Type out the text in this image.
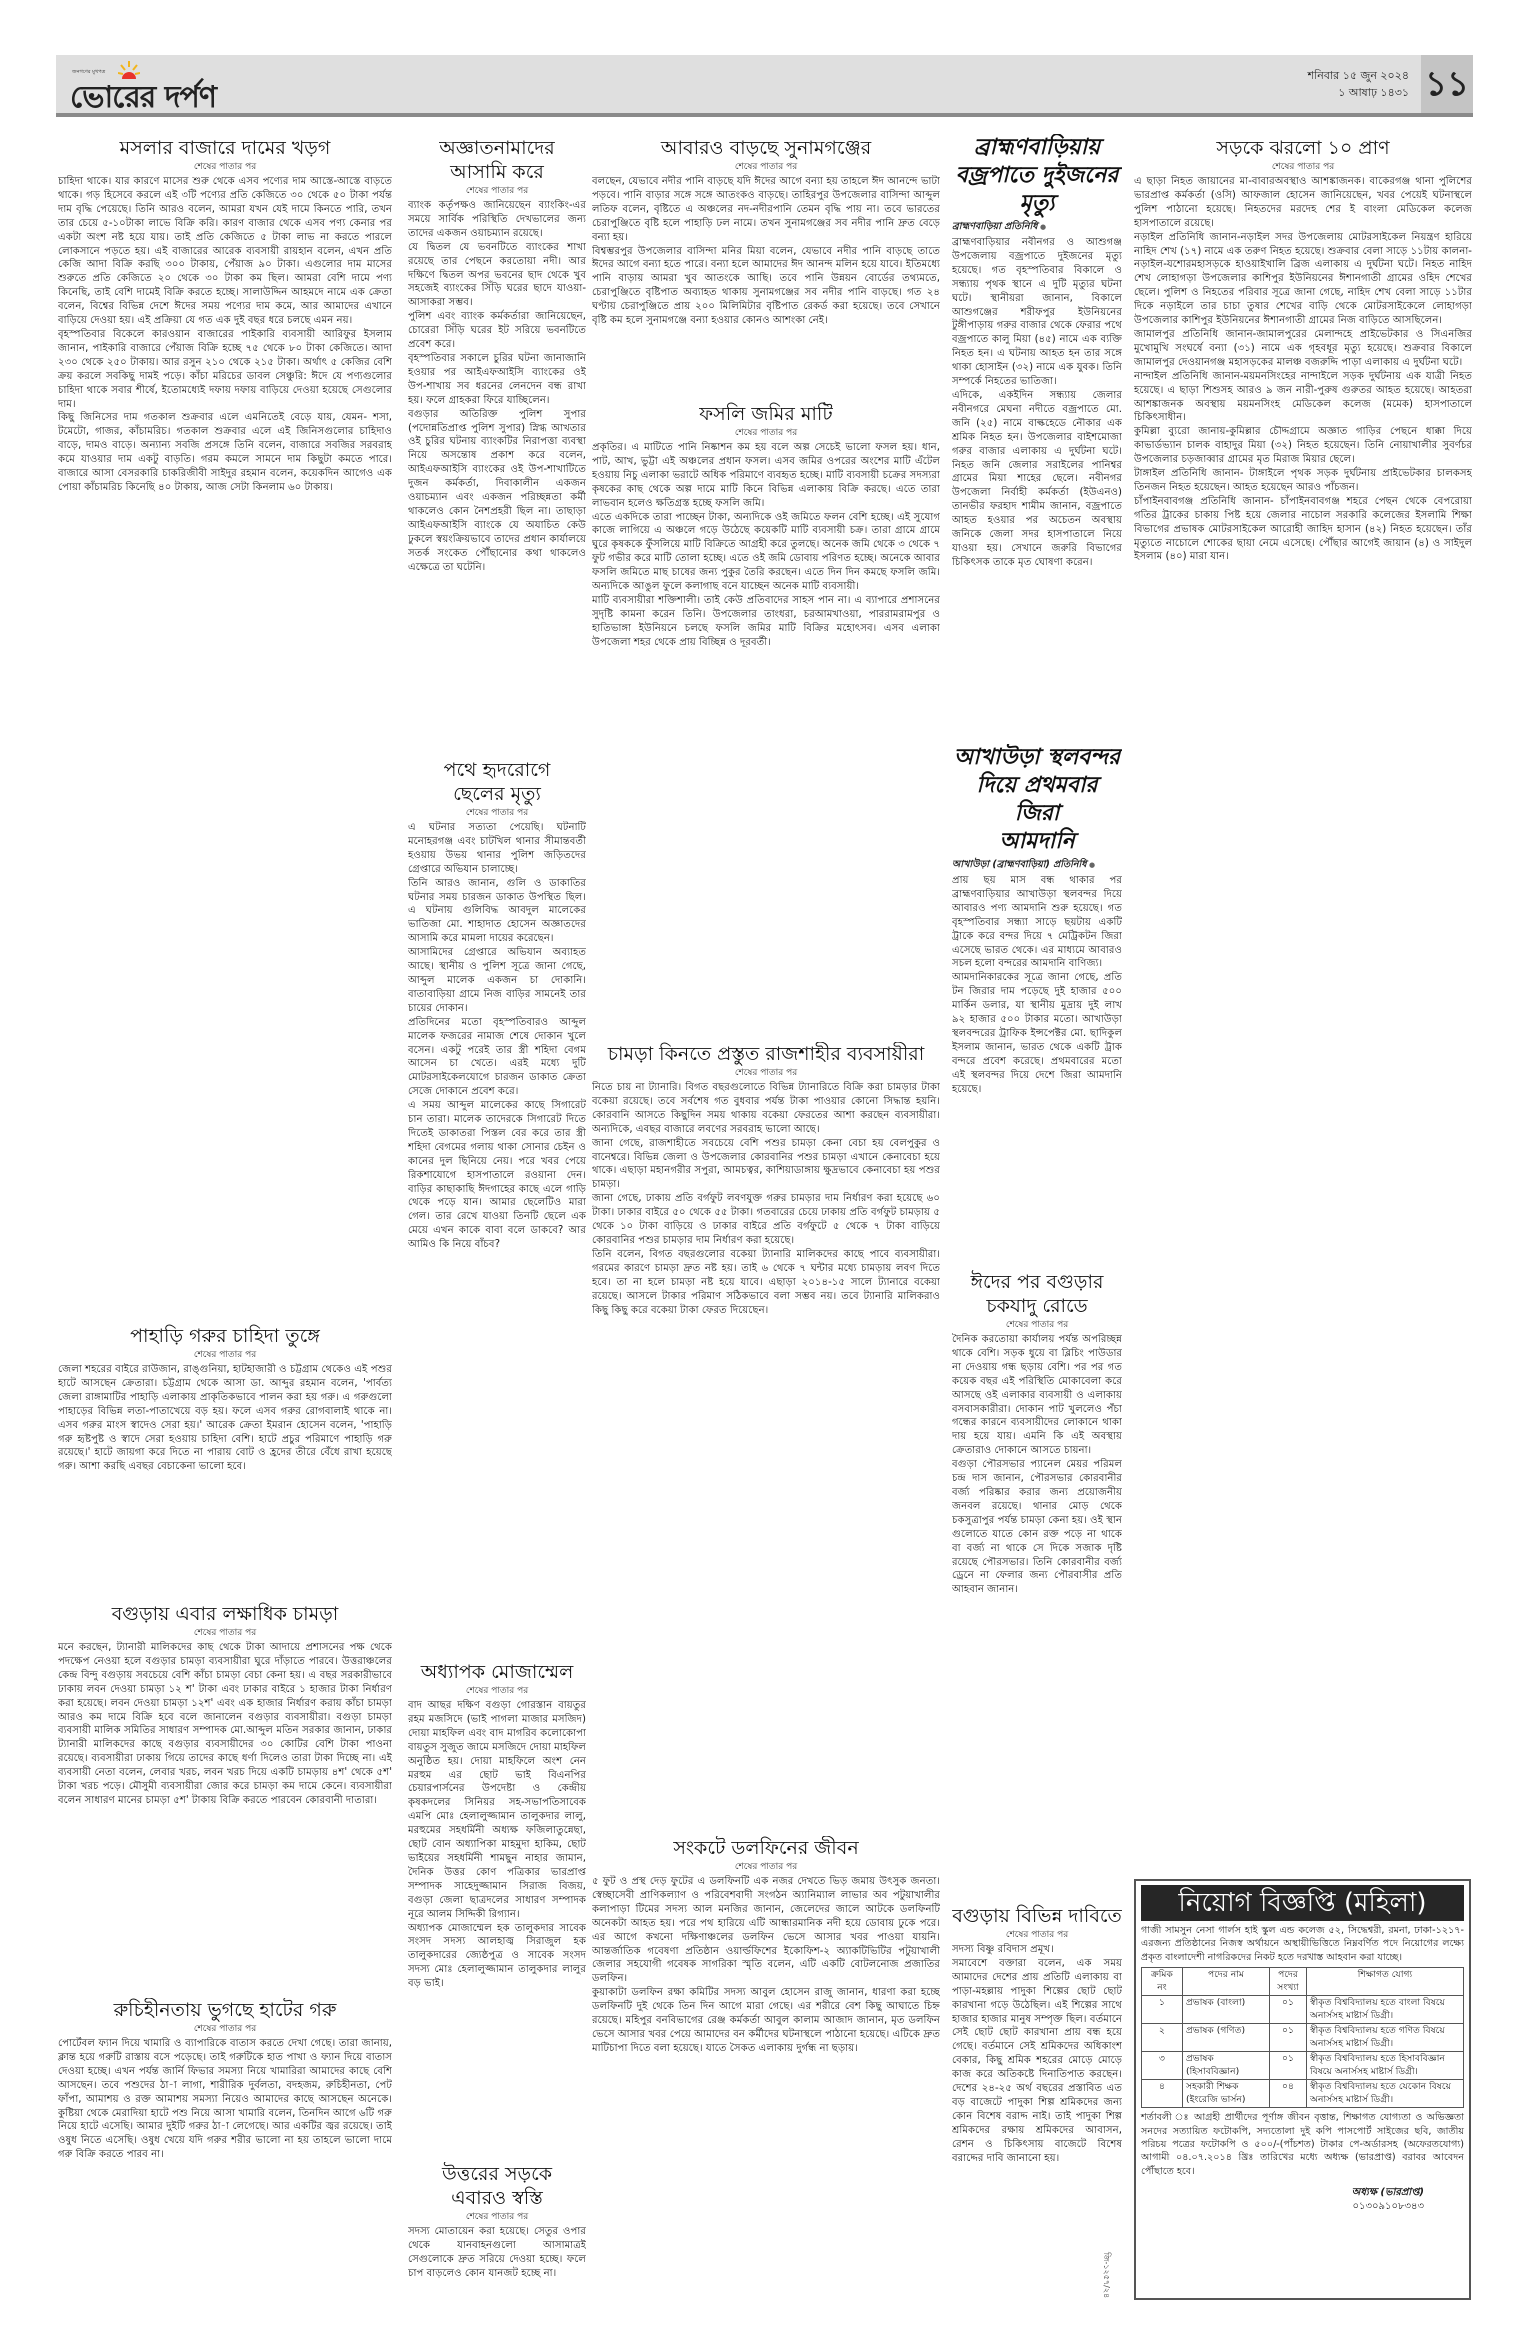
জনগণের মুখপত্র
ভোরের দর্পণ
শনিবার ১৫ জুন ২০২৪
১ আষাঢ় ১৪৩১ ১১
মসলার বাজারে দামের খড়গ
শেষের পাতার পর

চাহিদা থাকে। যার কারণে মাসের শুরু থেকে এসব পণ্যের দাম আস্তে-আস্তে বাড়তে থাকে। গড় হিসেবে করলে এই ৩টি পণ্যের প্রতি কেজিতে ৩০ থেকে ৫০ টাকা পর্যন্ত দাম বৃদ্ধি পেয়েছে। তিনি আরও বলেন, আমরা যখন যেই দামে কিনতে পারি, তখন তার চেয়ে ৫-১০টাকা লাভে বিক্রি করি। কারণ বাজার থেকে এসব পণ্য কেনার পর একটা অংশ নষ্ট হয়ে যায়। তাই প্রতি কেজিতে ৫ টাকা লাভ না করতে পারলে লোকসানে পড়তে হয়। এই বাজারের আরেক ব্যবসায়ী রায়হান বলেন, এখন প্রতি কেজি আদা বিক্রি করছি ৩০০ টাকায়, পেঁয়াজ ৯০ টাকা। এগুলোর দাম মাসের শুরুতে প্রতি কেজিতে ২০ থেকে ৩০ টাকা কম ছিল। আমরা বেশি দামে পণ্য কিনেছি, তাই বেশি দামেই বিক্রি করতে হচ্ছে। সালাউদ্দিন আহমদে নামে এক ক্রেতা বলেন, বিশ্বের বিভিন্ন দেশে ঈদের সময় পণ্যের দাম কমে, আর আমাদের এখানে বাড়িয়ে দেওয়া হয়। এই প্রক্রিয়া যে গত এক দুই বছর ধরে চলছে এমন নয়।

বৃহস্পতিবার বিকেলে কারওয়ান বাজারের পাইকারি ব্যবসায়ী আরিফুর ইসলাম জানান, পাইকারি বাজারে পেঁয়াজ বিক্রি হচ্ছে ৭৫ থেকে ৮০ টাকা কেজিতে। আদা ২৩০ থেকে ২৫০ টাকায়। আর রসুন ২১০ থেকে ২১৫ টাকা। অর্থাৎ ৫ কেজির বেশি ক্রয় করলে সবকিছু দামই পড়ে। কাঁচা মরিচের ডাবল সেঞ্চুরি: ঈদে যে পণ্যগুলোর চাহিদা থাকে সবার শীর্ষে, ইতোমধ্যেই দফায় দফায় বাড়িয়ে দেওয়া হয়েছে সেগুলোর দাম।

কিছু জিনিসের দাম গতকাল শুক্রবার এলে এমনিতেই বেড়ে যায়, যেমন- শসা, টমেটো, গাজর, কাঁচামরিচ। গতকাল শুক্রবার এলে এই জিনিসগুলোর চাহিদাও বাড়ে, দামও বাড়ে। অন্যান্য সবজি প্রসঙ্গে তিনি বলেন, বাজারে সবজির সরবরাহ কমে যাওয়ার দাম একটু বাড়তি। গরম কমলে সামনে দাম কিছুটা কমতে পারে। বাজারে আসা বেসরকারি চাকরিজীবী সাইদুর রহমান বলেন, কয়েকদিন আগেও এক পোয়া কাঁচামরিচ কিনেছি ৪০ টাকায়, আজ সেটা কিনলাম ৬০ টাকায়।

পাহাড়ি গরুর চাহিদা তুঙ্গে
শেষের পাতার পর

জেলা শহরের বাইরে রাউজান, রাঙ্গুনিয়া, হাটহাজারী ও চট্টগ্রাম থেকেও এই পশুর হাটে আসছেন ক্রেতারা। চট্টগ্রাম থেকে আসা ডা. আব্দুর রহমান বলেন, 'পার্বত্য জেলা রাঙ্গামাটির পাহাড়ি এলাকায় প্রাকৃতিকভাবে পালন করা হয় গরু। এ গরুগুলো পাহাড়ের বিভিন্ন লতা-পাতাখেয়ে বড় হয়। ফলে এসব গরুর রোগবালাই থাকে না। এসব গরুর মাংস স্বাদেও সেরা হয়।' আরেক ক্রেতা ইমরান হোসেন বলেন, 'পাহাড়ি গরু হৃষ্টপুষ্ট ও স্বাদে সেরা হওয়ায় চাহিদা বেশি। হাটে প্রচুর পরিমাণে পাহাড়ি গরু রয়েছে।' হাটে জায়গা করে দিতে না পারায় বোট ও হ্রদের তীরে বেঁধে রাখা হয়েছে গরু। আশা করছি এবছর বেচাকেনা ভালো হবে।

বগুড়ায় এবার লক্ষাধিক চামড়া
শেষের পাতার পর

মনে করছেন, ট্যানারী মালিকদের কাছ থেকে টাকা আদায়ে প্রশাসনের পক্ষ থেকে পদক্ষেপ নেওয়া হলে বগুড়ার চামড়া ব্যবসায়ীরা ঘুরে দাঁড়াতে পারবে। উত্তরাঞ্চলের কেন্দ্র বিন্দু বগুড়ায় সবচেয়ে বেশি কাঁচা চামড়া বেচা কেনা হয়। এ বছর সরকারীভাবে ঢাকায় লবন দেওয়া চামড়া ১২ শ' টাকা এবং ঢাকার বাইরে ১ হাজার টাকা নির্ধারণ করা হয়েছে। লবন দেওয়া চামড়া ১২শ' এবং এক হাজার নির্ধারণ করায় কাঁচা চামড়া আরও কম দামে বিক্রি হবে বলে জানালেন বগুড়ার ব্যবসায়ীরা। বগুড়া চামড়া ব্যবসায়ী মালিক সমিতির সাধারণ সম্পাদক মো.আব্দুল মতিন সরকার জানান, ঢাকার ট্যানারী মালিকদের কাছে বগুড়ার ব্যবসায়ীদের ৩০ কোটির বেশি টাকা পাওনা রয়েছে। ব্যবসায়ীরা ঢাকায় গিয়ে তাদের কাছে ধর্ণা দিলেও তারা টাকা দিচ্ছে না। এই ব্যবসায়ী নেতা বলেন, লেবার খরচ, লবন খরচ দিয়ে একটি চামড়ায় ৪শ' থেকে ৫শ' টাকা খরচ পড়ে। মৌসুমী ব্যবসায়ীরা জোর করে চামড়া কম দামে কেনে। ব্যবসায়ীরা বলেন সাধারণ মানের চামড়া ৫শ' টাকায় বিক্রি করতে পারবেন কোরবানী দাতারা।

রুচিহীনতায় ভুগছে হাটের গরু
শেষের পাতার পর

পোর্টেবল ফ্যান দিয়ে খামারি ও ব্যাপারিকে বাতাস করতে দেখা গেছে। তারা জানায়, ক্লান্ত হয়ে গরুটি রাস্তায় বসে পড়েছে। তাই গরুটিকে হাত পাখা ও ফ্যান দিয়ে বাতাস দেওয়া হচ্ছে। এখন পর্যন্ত জার্নি ফিভার সমস্যা নিয়ে খামারিরা আমাদের কাছে বেশি আসছেন। তবে পশুদের ঠা-া লাগা, শারীরিক দুর্বলতা, বদহজম, রুচিহীনতা, পেট ফাঁপা, আমাশয় ও রক্ত আমাশয় সমস্যা নিয়েও আমাদের কাছে আসছেন অনেকে। কুষ্টিয়া থেকে মেরাদিয়া হাটে পশু নিয়ে আসা খামারি বলেন, তিনদিন আগে ৬টি গরু নিয়ে হাটে এসেছি। আমার দুইটি গরুর ঠা-া লেগেছে। আর একটির জ্বর রয়েছে। তাই ওষুধ নিতে এসেছি। ওষুধ খেয়ে যদি গরুর শরীর ভালো না হয় তাহলে ভালো দামে গরু বিক্রি করতে পারব না।

অজ্ঞাতনামাদের
আসামি করে
শেষের পাতার পর

ব্যাংক কর্তৃপক্ষও জানিয়েছেন ব্যাংকিং-এর সময়ে সার্বিক পরিস্থিতি দেখভালের জন্য তাদের একজন ওয়াচম্যান রয়েছে।

যে দ্বিতল যে ভবনটিতে ব্যাংকের শাখা রয়েছে তার পেছনে করতোয়া নদী। আর দক্ষিণে দ্বিতল অপর ভবনের ছাদ থেকে খুব সহজেই ব্যাংকের সিঁড়ি ঘরের ছাদে যাওয়া-আসাকরা সম্ভব।

পুলিশ এবং ব্যাংক কর্মকর্তারা জানিয়েছেন, চোরেরা সিঁড়ি ঘরের ইট সরিয়ে ভবনটিতে প্রবেশ করে।

বৃহস্পতিবার সকালে চুরির ঘটনা জানাজানি হওয়ার পর আইএফআইসি ব্যাংকের ওই উপ-শাখায় সব ধরনের লেনদেন বন্ধ রাখা হয়। ফলে গ্রাহকরা ফিরে যাচ্ছিলেন।

বগুড়ার অতিরিক্ত পুলিশ সুপার (পদোন্নতিপ্রাপ্ত পুলিশ সুপার) স্নিগ্ধ আখতার ওই চুরির ঘটনায় ব্যাংকটির নিরাপত্তা ব্যবস্থা নিয়ে অসন্তোষ প্রকাশ করে বলেন, আইএফআইসি ব্যাংকের ওই উপ-শাখাটিতে দুজন কর্মকর্তা, দিবাকালীন একজন ওয়াচম্যান এবং একজন পরিচ্ছন্নতা কর্মী থাকলেও কোন নৈশপ্রহরী ছিল না। তাছাড়া আইএফআইসি ব্যাংকে যে অযাচিত কেউ ঢুকলে স্বয়ংক্রিয়ভাবে তাদের প্রধান কার্যালয়ে সতর্ক সংকেত পৌঁছানোর কথা থাকলেও এক্ষেত্রে তা ঘটেনি।

পথে হৃদরোগে
ছেলের মৃত্যু
শেষের পাতার পর

এ ঘটনার সত্যতা পেয়েছি। ঘটনাটি মনোহরগঞ্জ এবং চাটখিল থানার সীমান্তবর্তী হওয়ায় উভয় থানার পুলিশ জড়িতদের গ্রেপ্তারে অভিযান চালাচ্ছে।

তিনি আরও জানান, গুলি ও ডাকাতির ঘটনার সময় চারজন ডাকাত উপস্থিত ছিল। এ ঘটনায় গুলিবিদ্ধ আবদুল মালেকের ভাতিজা মো. শাহাদাত হোসেন অজ্ঞাতদের আসামি করে মামলা দায়ের করেছেন।

আসামিদের গ্রেপ্তারে অভিযান অব্যাহত আছে। স্থানীয় ও পুলিশ সূত্রে জানা গেছে, আব্দুল মালেক একজন চা দোকানি। বাতাবাড়িয়া গ্রামে নিজ বাড়ির সামনেই তার চায়ের দোকান।

প্রতিদিনের মতো বৃহস্পতিবারও আব্দুল মালেক ফজরের নামাজ শেষে দোকান খুলে বসেন। একটু পরেই তার স্ত্রী শহিদা বেগম আসেন চা খেতে। এরই মধ্যে দুটি মোটরসাইকেলযোগে চারজন ডাকাত ক্রেতা সেজে দোকানে প্রবেশ করে।

এ সময় আব্দুল মালেকের কাছে সিগারেট চান তারা। মালেক তাদেরকে সিগারেট দিতে দিতেই ডাকাতরা পিস্তল বের করে তার স্ত্রী শহিদা বেগমের গলায় থাকা সোনার চেইন ও কানের দুল ছিনিয়ে নেয়। পরে খবর পেয়ে রিকশাযোগে হাসপাতালে রওয়ানা দেন। বাড়ির কাছাকাছি ঈদগাহের কাছে এলে গাড়ি থেকে পড়ে যান। আমার ছেলেটিও মারা গেল। তার রেখে যাওয়া তিনটি ছেলে এক মেয়ে এখন কাকে বাবা বলে ডাকবে? আর আমিও কি নিয়ে বাঁচব?

অধ্যাপক মোজাম্মেল
শেষের পাতার পর

বাদ আছর দক্ষিণ বগুড়া গোরস্তান বায়তুর রহম মজসিদে (ভাই পাগলা মাজার মসজিদ) দোয়া মাহফিল এবং বাদ মাগরিব কলোকোপা বায়তুস সুজুত জামে মসজিদে দোয়া মাহফিল অনুষ্ঠিত হয়। দোয়া মাহফিলে অংশ নেন মরহুম এর ছোট ভাই বিএনপির চেয়ারপার্সনের উপদেষ্টা ও কেন্দ্রীয় কৃষকদলের সিনিয়র সহ-সভাপতিসাবেক এমপি মোঃ হেলালুজ্জামান তালুকদার লালু, মরহুমের সহধর্মিনী অধ্যক্ষ ফজিলাতুন্নেছা, ছোট বোন অধ্যাপিকা মাহমুদা হাকিম, ছোট ভাইয়ের সহধর্মিনী শামছুন নাহার জামান, দৈনিক উত্তর কোণ পত্রিকার ভারপ্রাপ্ত সম্পাদক সাহেদুজ্জামান সিরাজ বিজয়, বগুড়া জেলা ছাত্রদলের সাধারণ সম্পাদক নূরে আলম সিদ্দিকী রিগ্যান।

অধ্যাপক মোজাম্মেল হক তালুকদার সাবেক সংসদ সদস্য আলহাজ্ব সিরাজুল হক তালুকদারের জ্যেষ্ঠপুত্র ও সাবেক সংসদ সদস্য মোঃ হেলালুজ্জামান তালুকদার লালুর বড় ভাই।

উত্তরের সড়কে
এবারও স্বস্তি
শেষের পাতার পর

সদস্য মোতায়েন করা হয়েছে। সেতুর ওপার থেকে যানবাহনগুলো আসামাত্রই সেগুলোকে দ্রুত সরিয়ে দেওয়া হচ্ছে। ফলে চাপ বাড়লেও কোন যানজট হচ্ছে না।

আবারও বাড়ছে সুনামগঞ্জের
শেষের পাতার পর

বলছেন, যেভাবে নদীর পানি বাড়ছে যদি ঈদের আগে বন্যা হয় তাহলে ঈদ আনন্দে ভাটা পড়বে। পানি বাড়ার সঙ্গে সঙ্গে আতংকও বাড়ছে। তাহিরপুর উপজেলার বাসিন্দা আব্দুল লতিফ বলেন, বৃষ্টিতে এ অঞ্চলের নদ-নদীরপানি তেমন বৃদ্ধি পায় না। তবে ভারতের চেরাপুঞ্জিতে বৃষ্টি হলে পাহাড়ি ঢল নামে। তখন সুনামগঞ্জের সব নদীর পানি দ্রুত বেড়ে বন্যা হয়।

বিশ্বম্ভরপুর উপজেলার বাসিন্দা মনির মিয়া বলেন, যেভাবে নদীর পানি বাড়ছে তাতে ঈদের আগে বন্যা হতে পারে। বন্যা হলে আমাদের ঈদ আনন্দ মলিন হয়ে যাবে। ইতিমধ্যে পানি বাড়ায় আমরা খুব আতংকে আছি। তবে পানি উন্নয়ন বোর্ডের তথ্যমতে, চেরাপুঞ্জিতে বৃষ্টিপাত অব্যাহত থাকায় সুনামগঞ্জের সব নদীর পানি বাড়ছে। গত ২৪ ঘণ্টায় চেরাপুঞ্জিতে প্রায় ২০০ মিলিমিটার বৃষ্টিপাত রেকর্ড করা হয়েছে। তবে সেখানে বৃষ্টি কম হলে সুনামগঞ্জে বন্যা হওয়ার কোনও আশংকা নেই।

ফসলি জমির মাটি
শেষের পাতার পর

প্রকৃতির। এ মাটিতে পানি নিষ্কাশন কম হয় বলে অল্প সেচেই ভালো ফসল হয়। ধান, পাট, আখ, ভুট্টা এই অঞ্চলের প্রধান ফসল। এসব জমির ওপরের অংশের মাটি এঁটেল হওয়ায় নিচু এলাকা ভরাটে অধিক পরিমাণে ব্যবহৃত হচ্ছে। মাটি ব্যবসায়ী চক্রের সদস্যরা কৃষকের কাছ থেকে অল্প দামে মাটি কিনে বিভিন্ন এলাকায় বিক্রি করছে। এতে তারা লাভবান হলেও ক্ষতিগ্রস্ত হচ্ছে ফসলি জমি।

এতে একদিকে তারা পাচ্ছেন টাকা, অন্যদিকে ওই জমিতে ফলন বেশি হচ্ছে। এই সুযোগ কাজে লাগিয়ে এ অঞ্চলে গড়ে উঠেছে কয়েকটি মাটি ব্যবসায়ী চক্র। তারা গ্রামে গ্রামে ঘুরে কৃষককে ফুঁসলিয়ে মাটি বিক্রিতে আগ্রহী করে তুলছে। অনেক জমি থেকে ৩ থেকে ৭ ফুট গভীর করে মাটি তোলা হচ্ছে। এতে ওই জমি ডোবায় পরিণত হচ্ছে। অনেকে আবার ফসলি জমিতে মাছ চাষের জন্য পুকুর তৈরি করছেন। এতে দিন দিন কমছে ফসলি জমি। অন্যদিকে আঙুল ফুলে কলাগাছ বনে যাচ্ছেন অনেক মাটি ব্যবসায়ী।

মাটি ব্যবসায়ীরা শক্তিশালী। তাই কেউ প্রতিবাদের সাহস পান না। এ ব্যাপারে প্রশাসনের সুদৃষ্টি কামনা করেন তিনি। উপজেলার তাংধরা, চরআমখাওয়া, পাররামরামপুর ও হাতিভাঙ্গা ইউনিয়নে চলছে ফসলি জমির মাটি বিক্রির মহোৎসব। এসব এলাকা উপজেলা শহর থেকে প্রায় বিচ্ছিন্ন ও দূরবর্তী।

চামড়া কিনতে প্রস্তুত রাজশাহীর ব্যবসায়ীরা
শেষের পাতার পর

নিতে চায় না ট্যানারি। বিগত বছরগুলোতে বিভিন্ন ট্যানারিতে বিক্রি করা চামড়ার টাকা বকেয়া রয়েছে। তবে সর্বশেষ গত বুধবার পর্যন্ত টাকা পাওয়ার কোনো সিদ্ধান্ত হয়নি। কোরবানি আসতে কিছুদিন সময় থাকায় বকেয়া ফেরতের আশা করছেন ব্যবসায়ীরা। অন্যদিকে, এবছর বাজারে লবণের সরবরাহ ভালো আছে।

জানা গেছে, রাজশাহীতে সবচেয়ে বেশি পশুর চামড়া কেনা বেচা হয় বেলপুকুর ও বানেশ্বরে। বিভিন্ন জেলা ও উপজেলার কোরবানির পশুর চামড়া এখানে কেনাবেচা হয়ে থাকে। এছাড়া মহানগরীর সপুরা, আমচত্বর, কাশিয়াডাঙ্গায় ক্ষুদ্রভাবে কেনাবেচা হয় পশুর চামড়া।

জানা গেছে, ঢাকায় প্রতি বর্গফুট লবণযুক্ত গরুর চামড়ার দাম নির্ধারণ করা হয়েছে ৬০ টাকা। ঢাকার বাইরে ৫০ থেকে ৫৫ টাকা। গতবারের চেয়ে ঢাকায় প্রতি বর্গফুট চামড়ায় ৫ থেকে ১০ টাকা বাড়িয়ে ও ঢাকার বাইরে প্রতি বর্গফুটে ৫ থেকে ৭ টাকা বাড়িয়ে কোরবানির পশুর চামড়ার দাম নির্ধারণ করা হয়েছে।

তিনি বলেন, বিগত বছরগুলোর বকেয়া ট্যানারি মালিকদের কাছে পাবে ব্যবসায়ীরা। গরমের কারণে চামড়া দ্রুত নষ্ট হয়। তাই ৬ থেকে ৭ ঘন্টার মধ্যে চামড়ায় লবণ দিতে হবে। তা না হলে চামড়া নষ্ট হয়ে যাবে। এছাড়া ২০১৪-১৫ সালে ট্যানারে বকেয়া রয়েছে। আসলে টাকার পরিমাণ সঠিকভাবে বলা সম্ভব নয়। তবে ট্যানারি মালিকরাও কিছু কিছু করে বকেয়া টাকা ফেরত দিয়েছেন।

সংকটে ডলফিনের জীবন
শেষের পাতার পর

৫ ফুট ও প্রস্থ দেড় ফুটের এ ডলফিনটি এক নজর দেখতে ভিড় জমায় উৎসুক জনতা। স্বেচ্ছাসেবী প্রাণিকল্যাণ ও পরিবেশবাদী সংগঠন অ্যানিম্যাল লাভার অব পটুয়াখালীর কলাপাড়া টিমের সদস্য আল মনজির জানান, জেলেদের জালে আটকে ডলফিনটি অনেকটা আহত হয়। পরে পথ হারিয়ে এটি আন্ধারমানিক নদী হয়ে ডোবায় ঢুকে পরে। এর আগে কখনো দক্ষিণাঞ্চলের ডলফিন ভেসে আসার খবর পাওয়া যায়নি। আন্তর্জাতিক গবেষণা প্রতিষ্ঠান ওয়ার্ল্ডফিশের ইকোফিশ-২ অ্যাকটিভিটির পটুয়াখালী জেলার সহযোগী গবেষক সাগরিকা স্মৃতি বলেন, এটি একটি বোটলনোজ প্রজাতির ডলফিন।

কুয়াকাটা ডলফিন রক্ষা কমিটির সদস্য আবুল হোসেন রাজু জানান, ধারণা করা হচ্ছে ডলফিনটি দুই থেকে তিন দিন আগে মারা গেছে। এর শরীরে বেশ কিছু আঘাতে চিহ্ন রয়েছে। মহিপুর বনবিভাগের রেঞ্জ কর্মকর্তা আবুল কালাম আজাদ জানান, মৃত ডলফিন ভেসে আসার খবর পেয়ে আমাদের বন কর্মীদের ঘটনাস্থলে পাঠানো হয়েছে। এটিকে দ্রুত মাটিচাপা দিতে বলা হয়েছে। যাতে সৈকত এলাকায় দুর্গন্ধ না ছড়ায়।

ব্রাহ্মণবাড়িয়ায়
বজ্রপাতে দুইজনের
মৃত্যু
ব্রাহ্মণবাড়িয়া প্রতিনিধি ●

ব্রাহ্মণবাড়িয়ার নবীনগর ও আশুগঞ্জ উপজেলায় বজ্রপাতে দুইজনের মৃত্যু হয়েছে। গত বৃহস্পতিবার বিকালে ও সন্ধ্যায় পৃথক স্থানে এ দুটি মৃত্যুর ঘটনা ঘটে। স্থানীয়রা জানান, বিকালে আশুগঞ্জের শরীফপুর ইউনিয়নের টুঙ্গীপাড়ায় গরুর বাজার থেকে ফেরার পথে বজ্রপাতে কালু মিয়া (৪৫) নামে এক ব্যক্তি নিহত হন। এ ঘটনায় আহত হন তার সঙ্গে থাকা হোসাইন (৩২) নামে এক যুবক। তিনি সম্পর্কে নিহতের ভাতিজা।

এদিকে, একইদিন সন্ধ্যায় জেলার নবীনগরে মেঘনা নদীতে বজ্রপাতে মো. জনি (২৫) নামে বাল্কহেডে নৌকার এক শ্রমিক নিহত হন। উপজেলার বাইশমোজা গরুর বাজার এলাকায় এ দুর্ঘটনা ঘটে। নিহত জনি জেলার সরাইলের পানিশ্বর গ্রামের মিয়া শাহের ছেলে। নবীনগর উপজেলা নির্বাহী কর্মকর্তা (ইউএনও) তানভীর ফরহাদ শামীম জানান, বজ্রপাতে আহত হওয়ার পর অচেতন অবস্থায় জনিকে জেলা সদর হাসপাতালে নিয়ে যাওয়া হয়। সেখানে জরুরি বিভাগের চিকিৎসক তাকে মৃত ঘোষণা করেন।

আখাউড়া স্থলবন্দর
দিয়ে প্রথমবার জিরা
আমদানি
আখাউড়া (ব্রাহ্মণবাড়িয়া) প্রতিনিধি ●

প্রায় ছয় মাস বন্ধ থাকার পর ব্রাহ্মণবাড়িয়ার আখাউড়া স্থলবন্দর দিয়ে আবারও পণ্য আমদানি শুরু হয়েছে। গত বৃহস্পতিবার সন্ধ্যা সাড়ে ছয়টায় একটি ট্রাকে করে বন্দর দিয়ে ৭ মেট্রিকটন জিরা এসেছে ভারত থেকে। এর মাধ্যমে আবারও সচল হলো বন্দরের আমদানি বাণিজ্য।

আমদানিকারকের সূত্রে জানা গেছে, প্রতি টন জিরার দাম পড়েছে দুই হাজার ৫০০ মার্কিন ডলার, যা স্থানীয় মুদ্রায় দুই লাখ ৯২ হাজার ৫০০ টাকার মতো। আখাউড়া স্থলবন্দরের ট্রাফিক ইন্সপেক্টর মো. ছাদিকুল ইসলাম জানান, ভারত থেকে একটি ট্রাক বন্দরে প্রবেশ করেছে। প্রথমবারের মতো এই স্থলবন্দর দিয়ে দেশে জিরা আমদানি হয়েছে।

ঈদের পর বগুড়ার
চকযাদু রোডে
শেষের পাতার পর

দৈনিক করতোয়া কার্যালয় পর্যন্ত অপরিচ্ছন্ন থাকে বেশি। সড়ক ধুয়ে বা ব্লিচিং পাউডার না দেওয়ায় গন্ধ ছড়ায় বেশি। পর পর গত কয়েক বছর এই পরিস্থিতি মোকাবেলা করে আসছে ওই এলাকার ব্যবসায়ী ও এলাকায় বসবাসকারীরা। দোকান পাট খুললেও পঁচা গন্ধের কারনে ব্যবসায়ীদের লোকানে থাকা দায় হয়ে যায়। এমনি কি এই অবস্থায় ক্রেতারাও দোকানে আসতে চায়না।

বগুড়া পৌরসভার প্যানেল মেয়র পরিমল চন্দ্র দাস জানান, পৌরসভার কোরবানীর বর্জ্য পরিষ্কার করার জন্য প্রয়োজনীয় জনবল রয়েছে। থানার মোড় থেকে চকসুত্রাপুর পর্যন্ত চামড়া কেনা হয়। ওই স্থান গুলোতে যাতে কোন রক্ত পড়ে না থাকে বা বর্জ্য না থাকে সে দিকে সজাক দৃষ্টি রয়েছে পৌরসভার। তিনি কোরবানীর বর্জ্য ড্রেনে না ফেলার জন্য পৌরবাসীর প্রতি আহবান জানান।

বগুড়ায় বিভিন্ন দাবিতে
শেষের পাতার পর

সদস্য বিষ্ণু রবিদাস প্রমূখ।

সমাবেশে বক্তারা বলেন, এক সময় আমাদের দেশের প্রায় প্রতিটি এলাকায় বা পাড়া-মহল্লায় পাদুকা শিল্পের ছোট ছোট কারখানা গড়ে উঠেছিল। এই শিল্পের সাথে হাজার হাজার মানুষ সম্পৃক্ত ছিল। বর্তমানে সেই ছোট ছোট কারখানা প্রায় বন্ধ হয়ে গেছে। বর্তমানে সেই শ্রমিকদের অধিকাংশ বেকার, কিছু শ্রমিক শহরের মোড়ে মোড়ে কাজ করে অতিকষ্টে দিনাতিপাত করছেন। দেশের ২৪-২৫ অর্থ বছরের প্রস্তাবিত এত বড় বাজেটে পাদুকা শিল্প শ্রমিকদের জন্য কোন বিশেষ বরাদ্দ নাই। তাই পাদুকা শিল্প শ্রমিকদের রক্ষায় শ্রমিকদের আবাসন, রেশন ও চিকিৎসায় বাজেটে বিশেষ বরাদ্দের দাবি জানানো হয়।

সড়কে ঝরলো ১০ প্রাণ
শেষের পাতার পর

এ ছাড়া নিহত জায়ানের মা-বাবারঅবস্থাও আশঙ্কাজনক। বাকেরগঞ্জ থানা পুলিশের ভারপ্রাপ্ত কর্মকর্তা (ওসি) আফজাল হোসেন জানিয়েছেন, খবর পেয়েই ঘটনাস্থলে পুলিশ পাঠানো হয়েছে। নিহতদের মরদেহ শের ই বাংলা মেডিকেল কলেজ হাসপাতালে রয়েছে।

নড়াইল প্রতিনিধি জানান-নড়াইল সদর উপজেলায় মোটরসাইকেল নিয়ন্ত্রণ হারিয়ে নাহিদ শেখ (১৭) নামে এক তরুণ নিহত হয়েছে। শুক্রবার বেলা সাড়ে ১১টায় কালনা-নড়াইল-যশোরমহাসড়কে হাওয়াইখালি ব্রিজ এলাকায় এ দুর্ঘটনা ঘটে। নিহত নাহিদ শেখ লোহাগড়া উপজেলার কাশিপুর ইউনিয়নের ঈশানগাতী গ্রামের ওহিদ শেখের ছেলে। পুলিশ ও নিহতের পরিবার সূত্রে জানা গেছে, নাহিদ শেখ বেলা সাড়ে ১১টার দিকে নড়াইলে তার চাচা তুষার শেখের বাড়ি থেকে মোটরসাইকেলে লোহাগড়া উপজেলার কাশিপুর ইউনিয়নের ঈশানগাতী গ্রামের নিজ বাড়িতে আসছিলেন।

জামালপুর প্রতিনিধি জানান-জামালপুরের মেলান্দহে প্রাইভেটকার ও সিএনজির মুখোমুখি সংঘর্ষে বন্যা (৩১) নামে এক গৃহবধূর মৃত্যু হয়েছে। শুক্রবার বিকালে জামালপুর দেওয়ানগঞ্জ মহাসড়কের মালঞ্চ বজরুদ্দি পাড়া এলাকায় এ দুর্ঘটনা ঘটে।

নান্দাইল প্রতিনিধি জানান-ময়মনসিংহের নান্দাইলে সড়ক দুর্ঘটনায় এক যাত্রী নিহত হয়েছে। এ ছাড়া শিশুসহ আরও ৯ জন নারী-পুরুষ গুরুতর আহত হয়েছে। আহতরা আশঙ্কাজনক অবস্থায় ময়মনসিংহ মেডিকেল কলেজ (মমেক) হাসপাতালে চিকিৎসাধীন।

কুমিল্লা ব্যুরো জানায়-কুমিল্লার চৌদ্দগ্রামে অজ্ঞাত গাড়ির পেছনে ধাক্কা দিয়ে কাভার্ডভ্যান চালক বাহাদুর মিয়া (৩২) নিহত হয়েছেন। তিনি নোয়াখালীর সুবর্ণচর উপজেলার চড়জাব্বার গ্রামের মৃত মিরাজ মিয়ার ছেলে।

টাঙ্গাইল প্রতিনিধি জানান- টাঙ্গাইলে পৃথক সড়ক দুর্ঘটনায় প্রাইভেটকার চালকসহ তিনজন নিহত হয়েছেন। আহত হয়েছেন আরও পাঁচজন।

চাঁপাইনবাবগঞ্জ প্রতিনিধি জানান- চাঁপাইনবাবগঞ্জ শহরে পেছন থেকে বেপরোয়া গতির ট্রাকের চাকায় পিষ্ট হয়ে জেলার নাচোল সরকারি কলেজের ইসলামি শিক্ষা বিভাগের প্রভাষক মোটরসাইকেল আরোহী জাহিদ হাসান (৪২) নিহত হয়েছেন। তাঁর মৃত্যুতে নাচোলে শোকের ছায়া নেমে এসেছে। পৌঁছার আগেই জায়ান (৪) ও সাইদুল ইসলাম (৪০) মারা যান।

জি-১২৫৭/২৪
নিয়োগ বিজ্ঞপ্তি (মহিলা)

গাজী সামসুন নেসা গার্লস হাই স্কুল এন্ড কলেজ ৫২, সিদ্ধেশ্বরী, রমনা, ঢাকা-১২১৭-এরজন্য প্রতিষ্ঠানের নিজস্ব অর্থায়নে অস্থায়ীভিত্তিতে নিম্নবর্ণিত পদে নিয়োগের লক্ষ্যে প্রকৃত বাংলাদেশী নাগরিকদের নিকট হতে দরখাস্ত আহবান করা যাচ্ছে।

ক্রমিক নং	পদের নাম	পদের সংখ্যা	শিক্ষাগত যোগ্য
১	প্রভাষক (বাংলা)	০১	স্বীকৃত বিশ্ববিদ্যালয় হতে বাংলা বিষয়ে অনার্সসহ মাষ্টার্স ডিগ্রী।
২	প্রভাষক (গণিত)	০১	স্বীকৃত বিশ্ববিদ্যালয় হতে গণিত বিষয়ে অনার্সসহ মাষ্টার্স ডিগ্রী।
৩	প্রভাষক (হিসাববিজ্ঞান)	০১	স্বীকৃত বিশ্ববিদ্যালয় হতে হিসাববিজ্ঞান বিষয়ে অনার্সসহ মাষ্টার্স ডিগ্রী।
৪	সহকারী শিক্ষক (ইংরেজি ভার্সন)	০৪	স্বীকৃত বিশ্ববিদ্যালয় হতে যেকোন বিষয়ে অনার্সসহ মাষ্টার্স ডিগ্রী।

শর্তাবলী ঃ আগ্রহী প্রার্থীদের পূর্ণাঙ্গ জীবন বৃত্তান্ত, শিক্ষাগত যোগ্যতা ও অভিজ্ঞতা সনদের সত্যায়িত ফটোকপি, সদ্যতোলা দুই কপি পাসপোর্ট সাইজের ছবি, জাতীয় পরিচয় পত্রের ফটোকপি ও ৫০০/-(পাঁচশত) টাকার পে-অর্ডারসহ (অফেরতযোগ্য) আগামী ০৪.০৭.২০১৪ খ্রিঃ তারিখের মধ্যে অধ্যক্ষ (ভারপ্রাপ্ত) বরাবর আবেদন পৌঁছাতে হবে।

অধ্যক্ষ (ভারপ্রাপ্ত)
০১৩০৯১০৮৩৪৩
